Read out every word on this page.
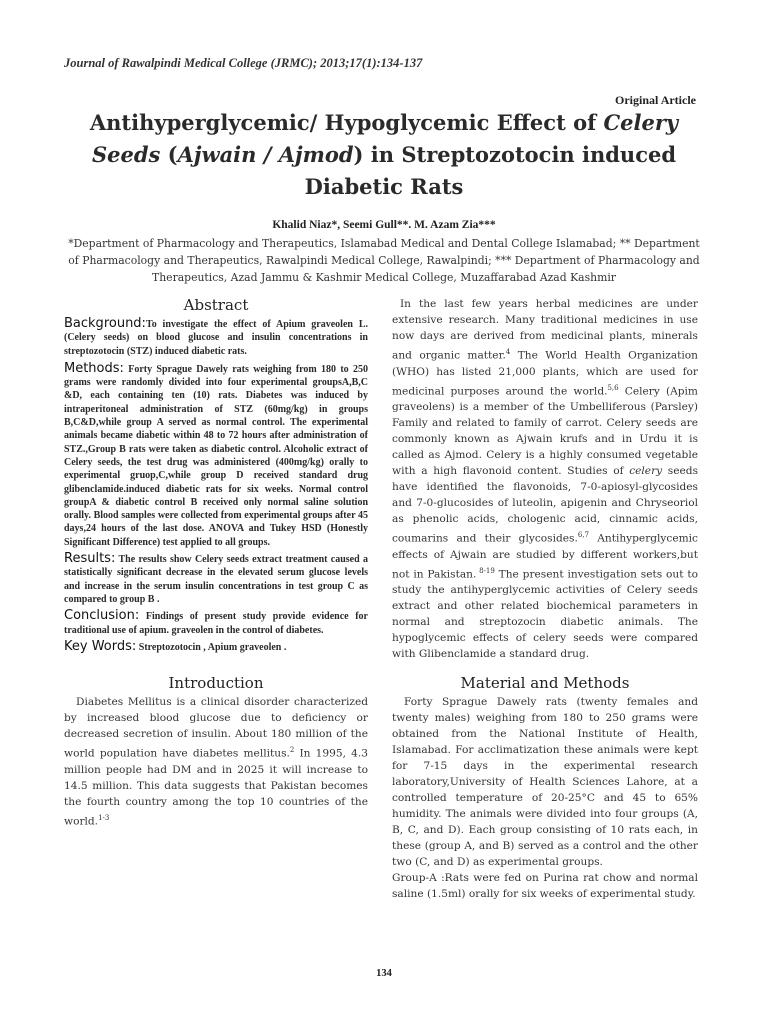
Journal of Rawalpindi Medical College (JRMC); 2013;17(1):134-137
Original Article
Antihyperglycemic/ Hypoglycemic Effect of Celery Seeds (Ajwain / Ajmod) in Streptozotocin induced Diabetic Rats
Khalid Niaz*, Seemi Gull**. M. Azam Zia***
*Department of Pharmacology and Therapeutics, Islamabad Medical and Dental College Islamabad; ** Department of Pharmacology and Therapeutics, Rawalpindi Medical College, Rawalpindi; *** Department of Pharmacology and Therapeutics, Azad Jammu & Kashmir Medical College, Muzaffarabad Azad Kashmir
Abstract

Background:To investigate the effect of Apium graveolen L. (Celery seeds) on blood glucose and insulin concentrations in streptozotocin (STZ) induced diabetic rats.

Methods: Forty Sprague Dawely rats weighing from 180 to 250 grams were randomly divided into four experimental groupsA,B,C &D, each containing ten (10) rats. Diabetes was induced by intraperitoneal administration of STZ (60mg/kg) in groups B,C&D,while group A served as normal control. The experimental animals became diabetic within 48 to 72 hours after administration of STZ.,Group B rats were taken as diabetic control. Alcoholic extract of Celery seeds, the test drug was administered (400mg/kg) orally to experimental gruop,C,while group D received standard drug glibenclamide.induced diabetic rats for six weeks. Normal control groupA & diabetic control B received only normal saline solution orally. Blood samples were collected from experimental groups after 45 days,24 hours of the last dose. ANOVA and Tukey HSD (Honestly Significant Difference) test applied to all groups.

Results: The results show Celery seeds extract treatment caused a statistically significant decrease in the elevated serum glucose levels and increase in the serum insulin concentrations in test group C as compared to group B .

Conclusion: Findings of present study provide evidence for traditional use of apium. graveolen in the control of diabetes.

Key Words: Streptozotocin , Apium graveolen .

Introduction

Diabetes Mellitus is a clinical disorder characterized by increased blood glucose due to deficiency or decreased secretion of insulin. About 180 million of the world population have diabetes mellitus.$^2$ In 1995, 4.3 million people had DM and in 2025 it will increase to 14.5 million. This data suggests that Pakistan becomes the fourth country among the top 10 countries of the world.$^{1-3}$

In the last few years herbal medicines are under extensive research. Many traditional medicines in use now days are derived from medicinal plants, minerals and organic matter.$^4$ The World Health Organization (WHO) has listed 21,000 plants, which are used for medicinal purposes around the world.$^{5,6}$ Celery (Apim graveolens) is a member of the Umbelliferous (Parsley) Family and related to family of carrot. Celery seeds are commonly known as Ajwain krufs and in Urdu it is called as Ajmod. Celery is a highly consumed vegetable with a high flavonoid content. Studies of celery seeds have identified the flavonoids, 7-0-apiosyl-glycosides and 7-0-glucosides of luteolin, apigenin and Chryseoriol as phenolic acids, chologenic acid, cinnamic acids, coumarins and their glycosides.$^{6,7}$ Antihyperglycemic effects of Ajwain are studied by different workers,but not in Pakistan. $^{8-19}$ The present investigation sets out to study the antihyperglycemic activities of Celery seeds extract and other related biochemical parameters in normal and streptozocin diabetic animals. The hypoglycemic effects of celery seeds were compared with Glibenclamide a standard drug.

Material and Methods

Forty Sprague Dawely rats (twenty females and twenty males) weighing from 180 to 250 grams were obtained from the National Institute of Health, Islamabad. For acclimatization these animals were kept for 7-15 days in the experimental research laboratory,University of Health Sciences Lahore, at a controlled temperature of 20-25°C and 45 to 65% humidity. The animals were divided into four groups (A, B, C, and D). Each group consisting of 10 rats each, in these (group A, and B) served as a control and the other two (C, and D) as experimental groups.

Group-A :Rats were fed on Purina rat chow and normal saline (1.5ml) orally for six weeks of experimental study.

134
